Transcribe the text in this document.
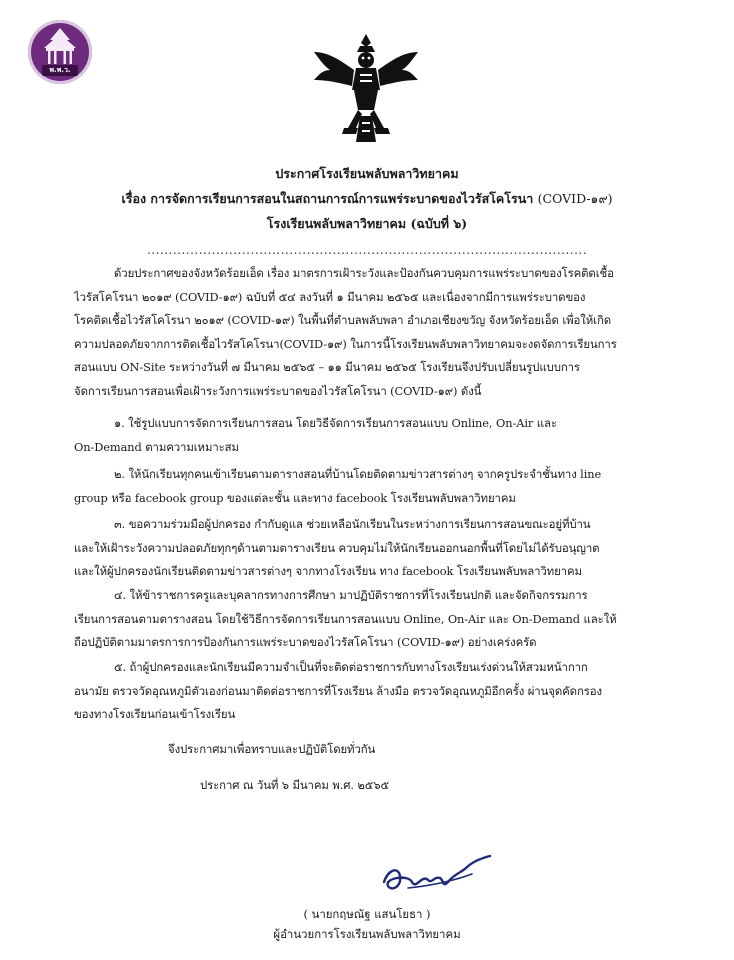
พ.พ.ว.
ประกาศโรงเรียนพลับพลาวิทยาคม
เรื่อง การจัดการเรียนการสอนในสถานการณ์การแพร่ระบาดของไวรัสโคโรนา (COVID-๑๙)
โรงเรียนพลับพลาวิทยาคม (ฉบับที่ ๖)
......................................................................................................
ด้วยประกาศของจังหวัดร้อยเอ็ด เรื่อง มาตรการเฝ้าระวังและป้องกันควบคุมการแพร่ระบาดของโรคติดเชื้อ
ไวรัสโคโรนา ๒๐๑๙ (COVID-๑๙) ฉบับที่ ๕๔ ลงวันที่ ๑ มีนาคม ๒๕๖๕ และเนื่องจากมีการแพร่ระบาดของ
โรคติดเชื้อไวรัสโคโรนา ๒๐๑๙ (COVID-๑๙) ในพื้นที่ตำบลพลับพลา อำเภอเชียงขวัญ จังหวัดร้อยเอ็ด เพื่อให้เกิด
ความปลอดภัยจากการติดเชื้อไวรัสโคโรนา(COVID-๑๙) ในการนี้โรงเรียนพลับพลาวิทยาคมจะงดจัดการเรียนการ
สอนแบบ ON-Site ระหว่างวันที่ ๗ มีนาคม ๒๕๖๕ – ๑๑ มีนาคม ๒๕๖๕ โรงเรียนจึงปรับเปลี่ยนรูปแบบการ
จัดการเรียนการสอนเพื่อเฝ้าระวังการแพร่ระบาดของไวรัสโคโรนา (COVID-๑๙) ดังนี้
๑. ใช้รูปแบบการจัดการเรียนการสอน โดยวิธีจัดการเรียนการสอนแบบ Online, On-Air และ
On-Demand ตามความเหมาะสม
๒. ให้นักเรียนทุกคนเข้าเรียนตามตารางสอนที่บ้านโดยติดตามข่าวสารต่างๆ จากครูประจำชั้นทาง line
group หรือ facebook group ของแต่ละชั้น และทาง facebook โรงเรียนพลับพลาวิทยาคม
๓. ขอความร่วมมือผู้ปกครอง กำกับดูแล ช่วยเหลือนักเรียนในระหว่างการเรียนการสอนขณะอยู่ที่บ้าน
และให้เฝ้าระวังความปลอดภัยทุกๆด้านตามตารางเรียน ควบคุมไม่ให้นักเรียนออกนอกพื้นที่โดยไม่ได้รับอนุญาต
และให้ผู้ปกครองนักเรียนติดตามข่าวสารต่างๆ จากทางโรงเรียน ทาง facebook โรงเรียนพลับพลาวิทยาคม
๔. ให้ข้าราชการครูและบุคลากรทางการศึกษา มาปฏิบัติราชการที่โรงเรียนปกติ และจัดกิจกรรมการ
เรียนการสอนตามตารางสอน โดยใช้วิธีการจัดการเรียนการสอนแบบ Online, On-Air และ On-Demand และให้
ถือปฏิบัติตามมาตรการการป้องกันการแพร่ระบาดของไวรัสโคโรนา (COVID-๑๙) อย่างเคร่งครัด
๕. ถ้าผู้ปกครองและนักเรียนมีความจำเป็นที่จะติดต่อราชการกับทางโรงเรียนเร่งด่วนให้สวมหน้ากาก
อนามัย ตรวจวัดอุณหภูมิตัวเองก่อนมาติดต่อราชการที่โรงเรียน ล้างมือ ตรวจวัดอุณหภูมิอีกครั้ง ผ่านจุดคัดกรอง
ของทางโรงเรียนก่อนเข้าโรงเรียน
จึงประกาศมาเพื่อทราบและปฏิบัติโดยทั่วกัน
ประกาศ ณ วันที่ ๖ มีนาคม พ.ศ. ๒๕๖๕
( นายกฤษณัฐ แสนโยธา )
ผู้อำนวยการโรงเรียนพลับพลาวิทยาคม
